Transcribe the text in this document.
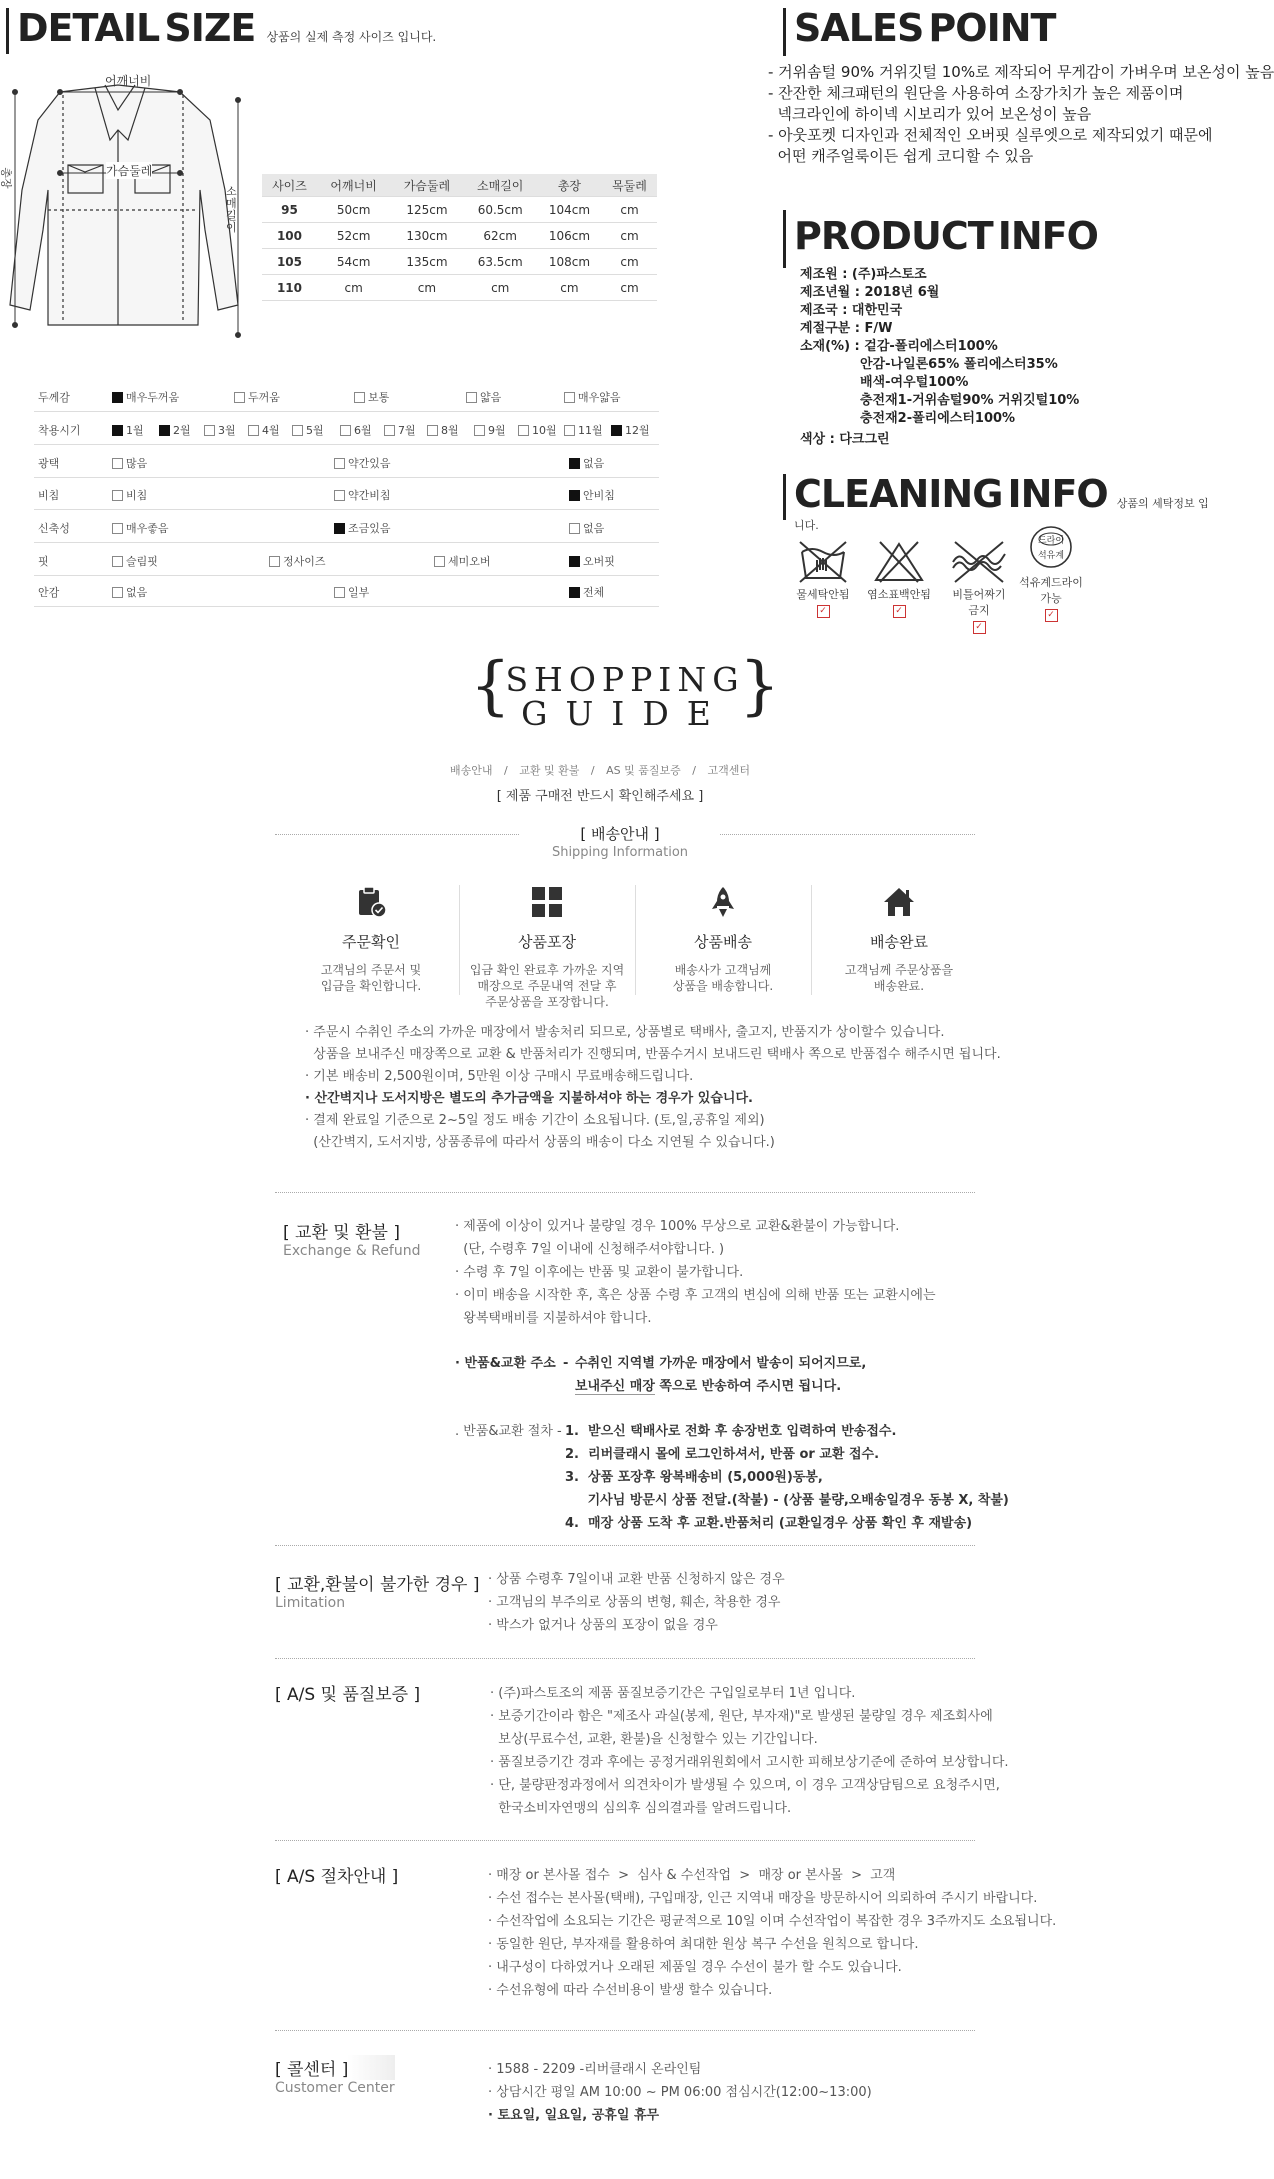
DETAIL SIZE 상품의 실제 측정 사이즈 입니다.
어깨너비
가슴둘레
총장
소매길이
사이즈	어깨너비	가슴둘레	소매길이	총장	목둘레
95	50cm	125cm	60.5cm	104cm	cm
100	52cm	130cm	62cm	106cm	cm
105	54cm	135cm	63.5cm	108cm	cm
110	cm	cm	cm	cm	cm
두께감	매우두꺼움	두꺼움	보통	얇음	매우얇음
착용시기	1월	2월	3월	4월	5월	6월	7월	8월	9월	10월	11월	12월
광택	많음	약간있음	없음
비침	비침	약간비침	안비침
신축성	매우좋음	조금있음	없음
핏	슬림핏	정사이즈	세미오버	오버핏
안감	없음	일부	전체
SALES POINT
- 거위솜털 90% 거위깃털 10%로 제작되어 무게감이 가벼우며 보온성이 높음
- 잔잔한 체크패턴의 원단을 사용하여 소장가치가 높은 제품이며
넥크라인에 하이넥 시보리가 있어 보온성이 높음
- 아웃포켓 디자인과 전체적인 오버핏 실루엣으로 제작되었기 때문에
어떤 캐주얼룩이든 쉽게 코디할 수 있음
PRODUCT INFO
제조원 : (주)파스토조
제조년월 : 2018년 6월
제조국 : 대한민국
계절구분 : F/W
소재(%) : 겉감-폴리에스터100%
안감-나일론65% 폴리에스터35%
배색-여우털100%
충전재1-거위솜털90% 거위깃털10%
충전재2-폴리에스터100%
색상 : 다크그린
CLEANING INFO 상품의 세탁정보 입니다.
물세탁안됨
✓
염소표백안됨
✓
비틀어짜기 금지
✓
드라이
석유계
석유계드라이 가능
✓
{
SHOPPING
GUIDE }
배송안내 / 교환 및 환불 / AS 및 품질보증 / 고객센터
[ 제품 구매전 반드시 확인해주세요 ]
[ 배송안내 ]
Shipping Information
주문확인
고객님의 주문서 및
입금을 확인합니다.
상품포장
입금 확인 완료후 가까운 지역
매장으로 주문내역 전달 후
주문상품을 포장합니다.
상품배송
배송사가 고객님께
상품을 배송합니다.
배송완료
고객님께 주문상품을
배송완료.
· 주문시 수취인 주소의 가까운 매장에서 발송처리 되므로, 상품별로 택배사, 출고지, 반품지가 상이할수 있습니다.
상품을 보내주신 매장쪽으로 교환 & 반품처리가 진행되며, 반품수거시 보내드린 택배사 쪽으로 반품접수 해주시면 됩니다.
· 기본 배송비 2,500원이며, 5만원 이상 구매시 무료배송해드립니다.
· 산간벽지나 도서지방은 별도의 추가금액을 지불하셔야 하는 경우가 있습니다.
· 결제 완료일 기준으로 2~5일 정도 배송 기간이 소요됩니다. (토,일,공휴일 제외)
(산간벽지, 도서지방, 상품종류에 따라서 상품의 배송이 다소 지연될 수 있습니다.)
[ 교환 및 환불 ]
Exchange & Refund
· 제품에 이상이 있거나 불량일 경우 100% 무상으로 교환&환불이 가능합니다.
(단, 수령후 7일 이내에 신청해주셔야합니다. )
· 수령 후 7일 이후에는 반품 및 교환이 불가합니다.
· 이미 배송을 시작한 후, 혹은 상품 수령 후 고객의 변심에 의해 반품 또는 교환시에는
왕복택배비를 지불하셔야 합니다.
· 반품&교환 주소 - 수취인 지역별 가까운 매장에서 발송이 되어지므로,
보내주신 매장 쪽으로 반송하여 주시면 됩니다.
. 반품&교환 절차 - 1.  받으신 택배사로 전화 후 송장번호 입력하여 반송접수.
2.  리버클래시 몰에 로그인하셔서, 반품 or 교환 접수.
3.  상품 포장후 왕복배송비 (5,000원)동봉,
기사님 방문시 상품 전달.(착불) - (상품 불량,오배송일경우 동봉 X, 착불)
4.  매장 상품 도착 후 교환.반품처리 (교환일경우 상품 확인 후 재발송)
[ 교환,환불이 불가한 경우 ]
Limitation
· 상품 수령후 7일이내 교환 반품 신청하지 않은 경우
· 고객님의 부주의로 상품의 변형, 훼손, 착용한 경우
· 박스가 없거나 상품의 포장이 없을 경우
[ A/S 및 품질보증 ]	· (주)파스토조의 제품 품질보증기간은 구입일로부터 1년 입니다.
· 보증기간이라 함은 "제조사 과실(봉제, 원단, 부자재)"로 발생된 불량일 경우 제조회사에
보상(무료수선, 교환, 환불)을 신청할수 있는 기간입니다.
· 품질보증기간 경과 후에는 공정거래위원회에서 고시한 피해보상기준에 준하여 보상합니다.
· 단, 불량판정과정에서 의견차이가 발생될 수 있으며, 이 경우 고객상담팀으로 요청주시면,
한국소비자연맹의 심의후 심의결과를 알려드립니다.
[ A/S 절차안내 ]	· 매장 or 본사몰 접수  >  심사 & 수선작업  >  매장 or 본사몰  >  고객
· 수선 접수는 본사몰(택배), 구입매장, 인근 지역내 매장을 방문하시어 의뢰하여 주시기 바랍니다.
· 수선작업에 소요되는 기간은 평균적으로 10일 이며 수선작업이 복잡한 경우 3주까지도 소요됩니다.
· 동일한 원단, 부자재를 활용하여 최대한 원상 복구 수선을 원칙으로 합니다.
· 내구성이 다하였거나 오래된 제품일 경우 수선이 불가 할 수도 있습니다.
· 수선유형에 따라 수선비용이 발생 할수 있습니다.
[ 콜센터 ]
Customer Center
· 1588 - 2209 -리버클래시 온라인팀
· 상담시간 평일 AM 10:00 ~ PM 06:00 점심시간(12:00~13:00)
· 토요일, 일요일, 공휴일 휴무
